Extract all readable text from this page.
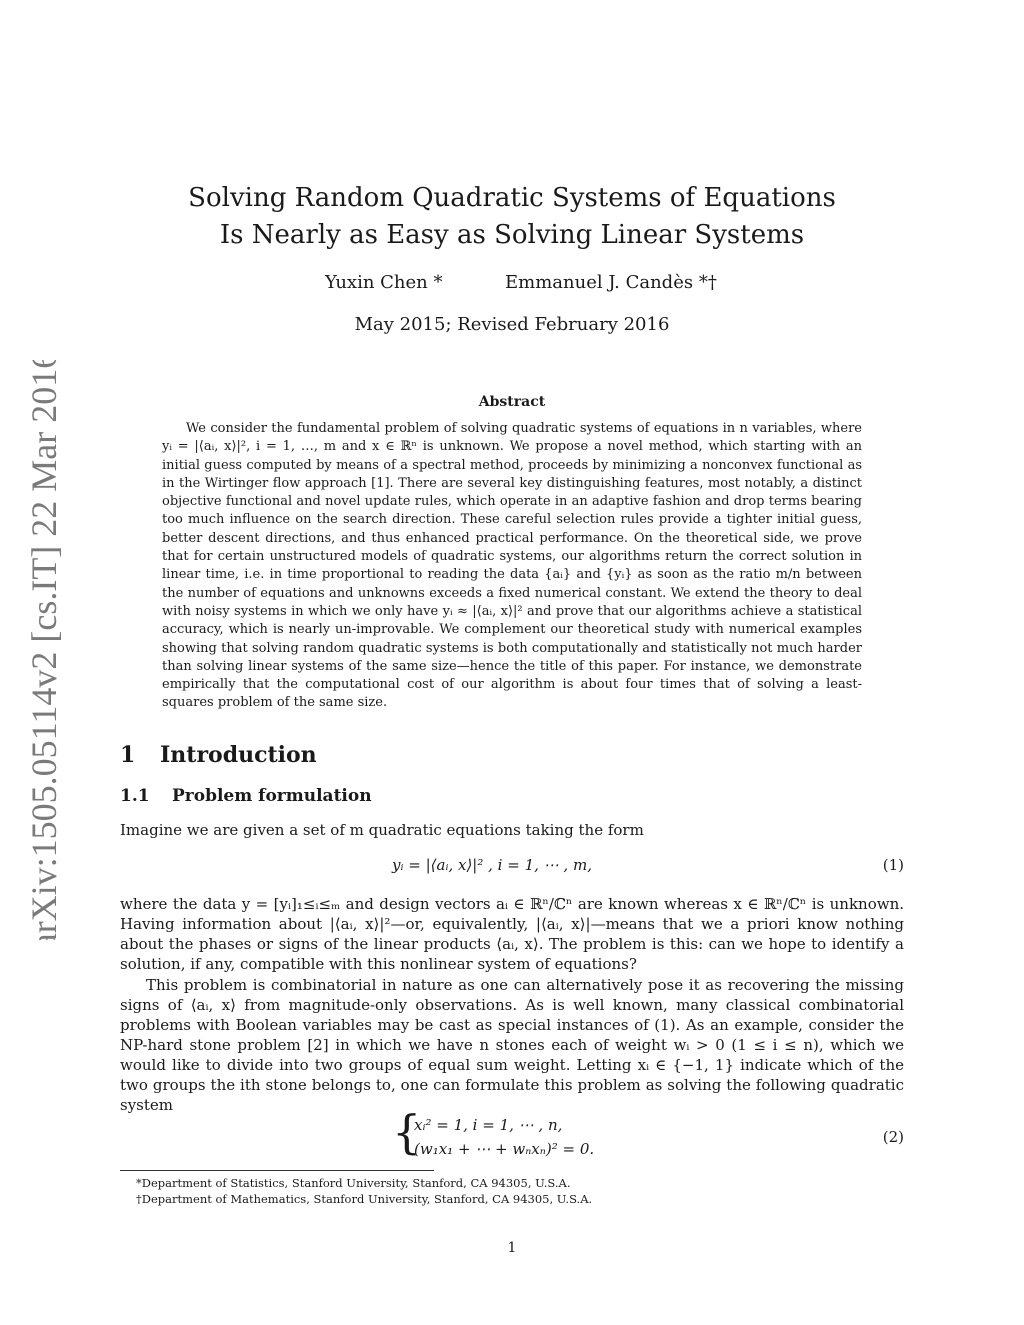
arXiv:1505.05114v2 [cs.IT] 22 Mar 2016
Solving Random Quadratic Systems of Equations
Is Nearly as Easy as Solving Linear Systems
Yuxin Chen *	Emmanuel J. Candès *†
May 2015; Revised February 2016
Abstract
We consider the fundamental problem of solving quadratic systems of equations in n variables, where yᵢ = |⟨aᵢ, x⟩|², i = 1, …, m and x ∈ ℝⁿ is unknown. We propose a novel method, which starting with an initial guess computed by means of a spectral method, proceeds by minimizing a nonconvex functional as in the Wirtinger flow approach [1]. There are several key distinguishing features, most notably, a distinct objective functional and novel update rules, which operate in an adaptive fashion and drop terms bearing too much influence on the search direction. These careful selection rules provide a tighter initial guess, better descent directions, and thus enhanced practical performance. On the theoretical side, we prove that for certain unstructured models of quadratic systems, our algorithms return the correct solution in linear time, i.e. in time proportional to reading the data {aᵢ} and {yᵢ} as soon as the ratio m/n between the number of equations and unknowns exceeds a fixed numerical constant. We extend the theory to deal with noisy systems in which we only have yᵢ ≈ |⟨aᵢ, x⟩|² and prove that our algorithms achieve a statistical accuracy, which is nearly un-improvable. We complement our theoretical study with numerical examples showing that solving random quadratic systems is both computationally and statistically not much harder than solving linear systems of the same size—hence the title of this paper. For instance, we demonstrate empirically that the computational cost of our algorithm is about four times that of solving a least-squares problem of the same size.
1 Introduction
1.1 Problem formulation
Imagine we are given a set of m quadratic equations taking the form
yᵢ = |⟨aᵢ, x⟩|² , i = 1, ⋯ , m,	(1)
where the data y = [yᵢ]₁≤ᵢ≤ₘ and design vectors aᵢ ∈ ℝⁿ/ℂⁿ are known whereas x ∈ ℝⁿ/ℂⁿ is unknown. Having information about |⟨aᵢ, x⟩|²—or, equivalently, |⟨aᵢ, x⟩|—means that we a priori know nothing about the phases or signs of the linear products ⟨aᵢ, x⟩. The problem is this: can we hope to identify a solution, if any, compatible with this nonlinear system of equations?
This problem is combinatorial in nature as one can alternatively pose it as recovering the missing signs of ⟨aᵢ, x⟩ from magnitude-only observations. As is well known, many classical combinatorial problems with Boolean variables may be cast as special instances of (1). As an example, consider the NP-hard stone problem [2] in which we have n stones each of weight wᵢ > 0 (1 ≤ i ≤ n), which we would like to divide into two groups of equal sum weight. Letting xᵢ ∈ {−1, 1} indicate which of the two groups the ith stone belongs to, one can formulate this problem as solving the following quadratic system	{
xᵢ² = 1, i = 1, ⋯ , n,
(w₁x₁ + ⋯ + wₙxₙ)² = 0.
(2)
*Department of Statistics, Stanford University, Stanford, CA 94305, U.S.A.
†Department of Mathematics, Stanford University, Stanford, CA 94305, U.S.A.
1
